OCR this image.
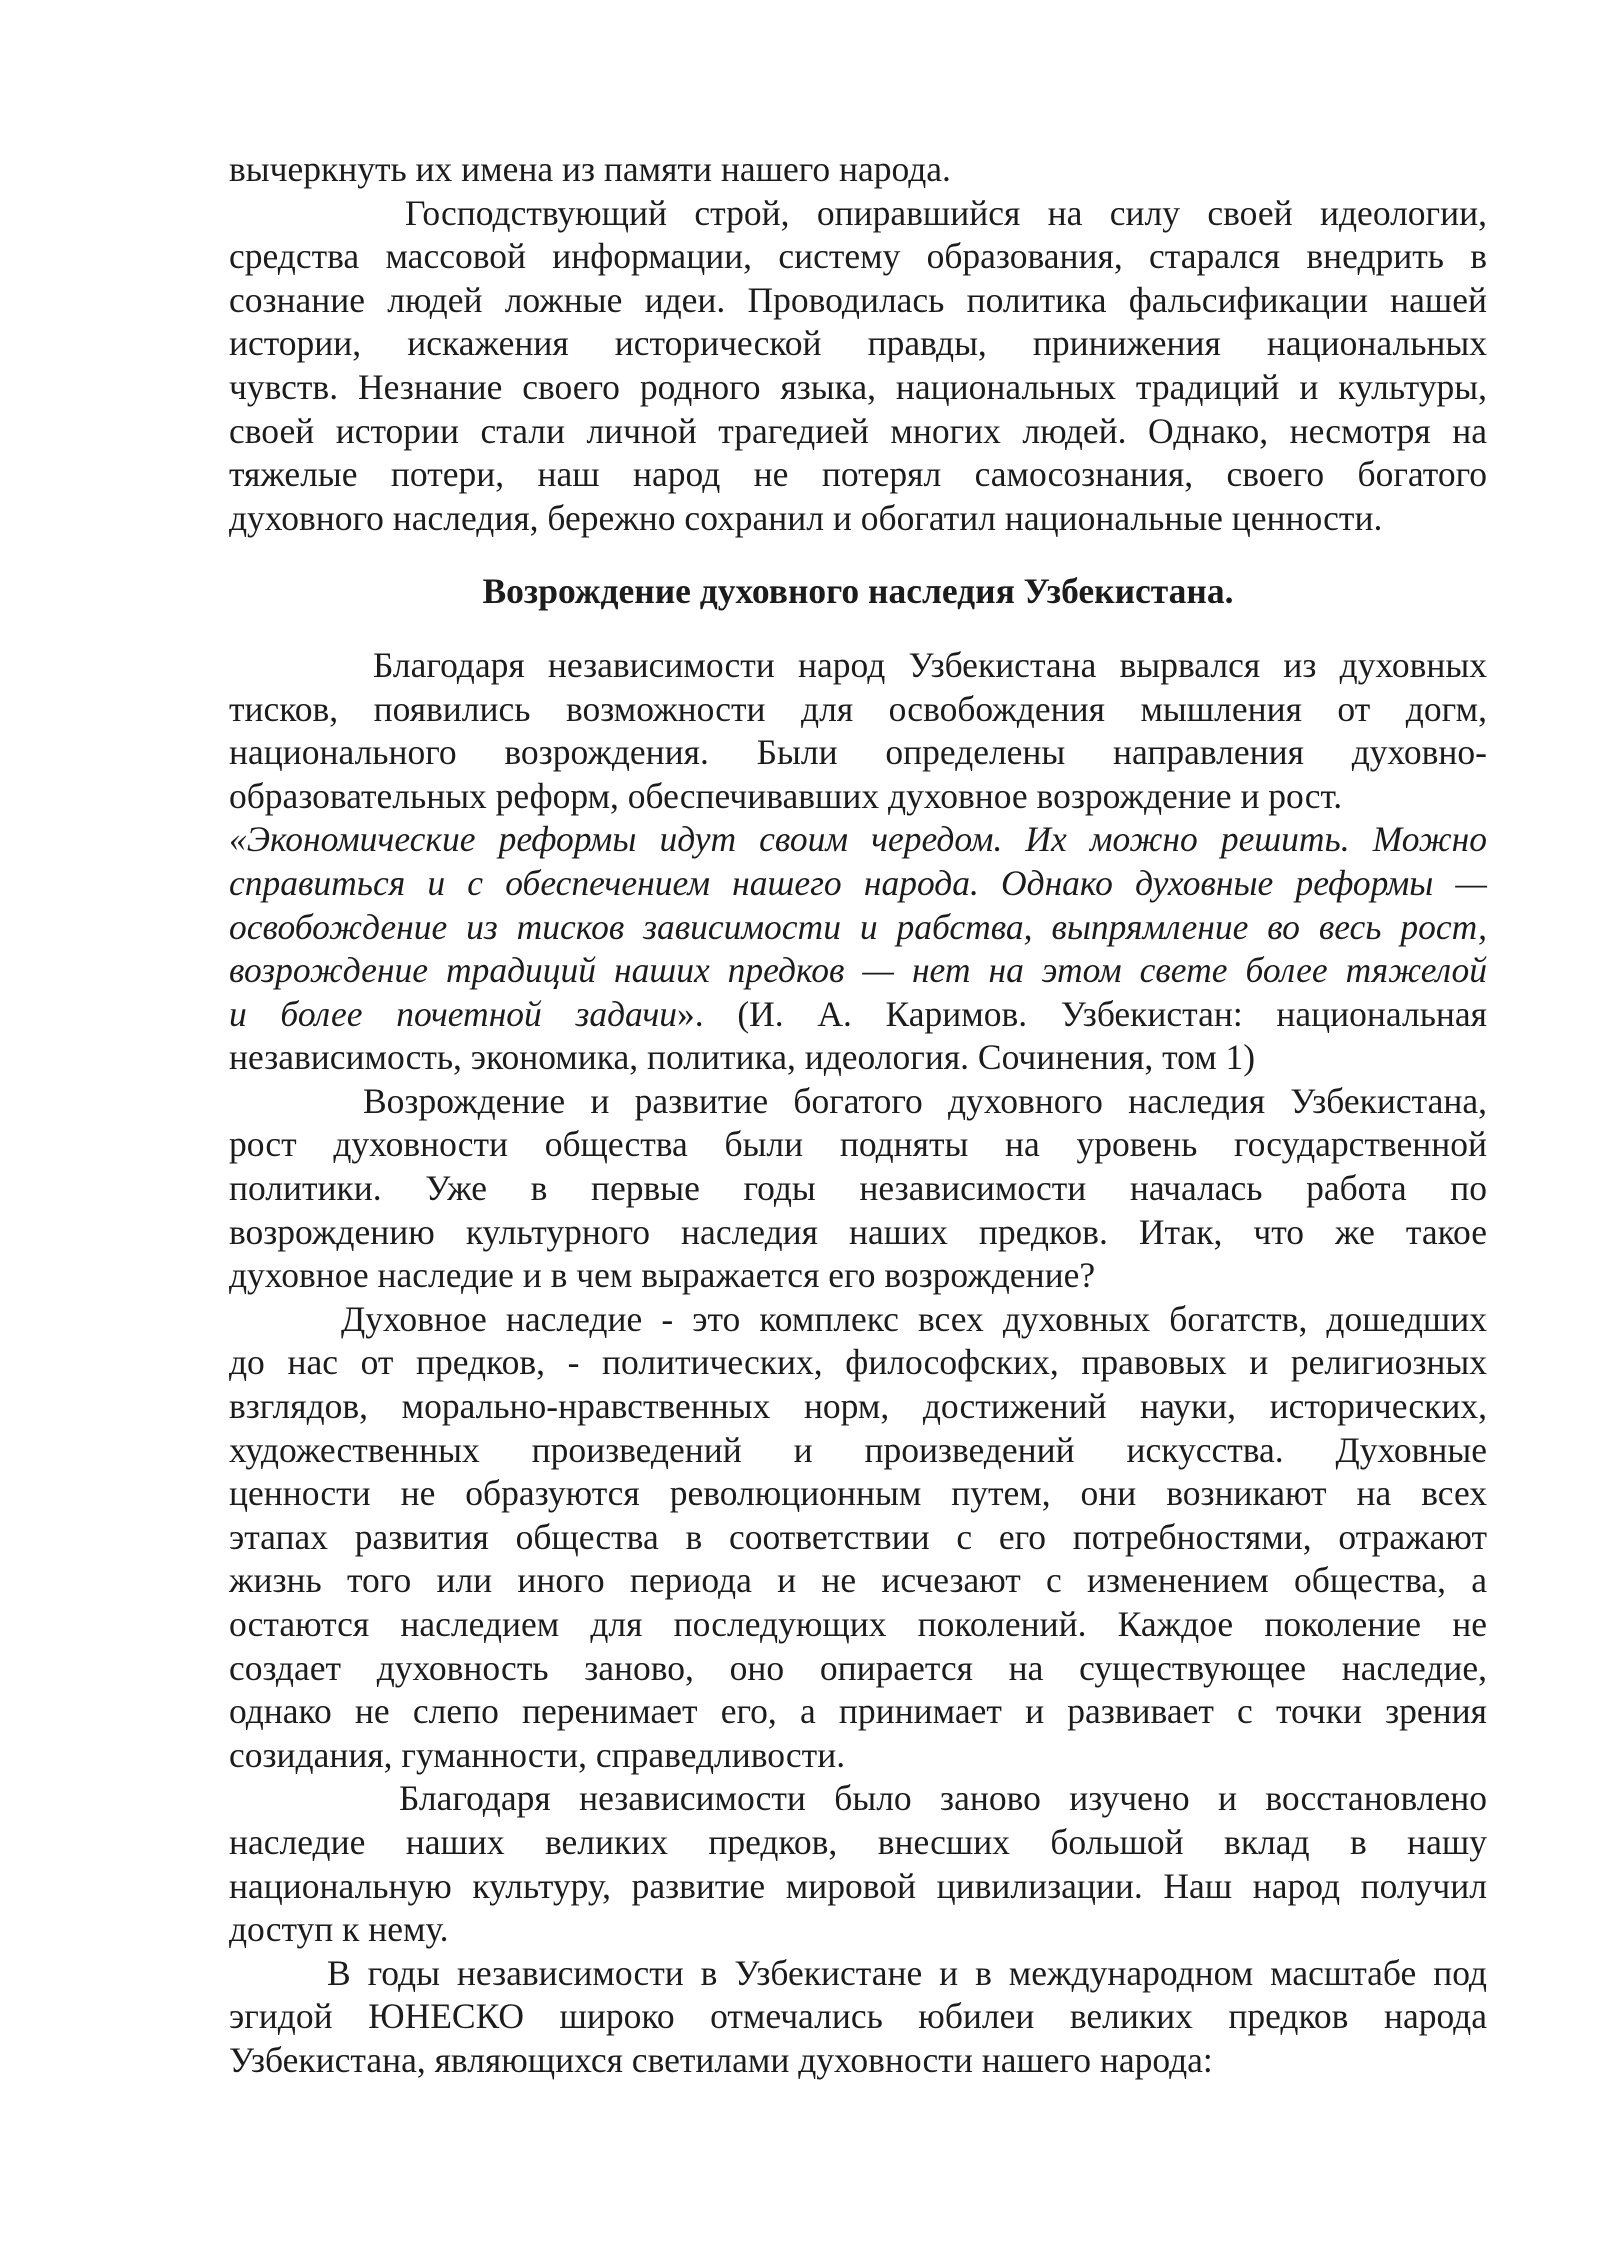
вычеркнуть их имена из памяти нашего народа.
Господствующий строй, опиравшийся на силу своей идеологии,
средства массовой информации, систему образования, старался внедрить в
сознание людей ложные идеи. Проводилась политика фальсификации нашей
истории, искажения исторической правды, принижения национальных
чувств. Незнание своего родного языка, национальных традиций и культуры,
своей истории стали личной трагедией многих людей. Однако, несмотря на
тяжелые потери, наш народ не потерял самосознания, своего богатого
духовного наследия, бережно сохранил и обогатил национальные ценности.
Возрождение духовного наследия Узбекистана.
Благодаря независимости народ Узбекистана вырвался из духовных
тисков, появились возможности для освобождения мышления от догм,
национального возрождения. Были определены направления духовно-
образовательных реформ, обеспечивавших духовное возрождение и рост.
«Экономические реформы идут своим чередом. Их можно решить. Можно
справиться и с обеспечением нашего народа. Однако духовные реформы —
освобождение из тисков зависимости и рабства, выпрямление во весь рост,
возрождение традиций наших предков — нет на этом свете более тяжелой
и более почетной задачи». (И. А. Каримов. Узбекистан: национальная
независимость, экономика, политика, идеология. Сочинения, том 1)
Возрождение и развитие богатого духовного наследия Узбекистана,
рост духовности общества были подняты на уровень государственной
политики. Уже в первые годы независимости началась работа по
возрождению культурного наследия наших предков. Итак, что же такое
духовное наследие и в чем выражается его возрождение?
Духовное наследие - это комплекс всех духовных богатств, дошедших
до нас от предков, - политических, философских, правовых и религиозных
взглядов, морально-нравственных норм, достижений науки, исторических,
художественных произведений и произведений искусства. Духовные
ценности не образуются революционным путем, они возникают на всех
этапах развития общества в соответствии с его потребностями, отражают
жизнь того или иного периода и не исчезают с изменением общества, а
остаются наследием для последующих поколений. Каждое поколение не
создает духовность заново, оно опирается на существующее наследие,
однако не слепо перенимает его, а принимает и развивает с точки зрения
созидания, гуманности, справедливости.
Благодаря независимости было заново изучено и восстановлено
наследие наших великих предков, внесших большой вклад в нашу
национальную культуру, развитие мировой цивилизации. Наш народ получил
доступ к нему.
В годы независимости в Узбекистане и в международном масштабе под
эгидой ЮНЕСКО широко отмечались юбилеи великих предков народа
Узбекистана, являющихся светилами духовности нашего народа:
